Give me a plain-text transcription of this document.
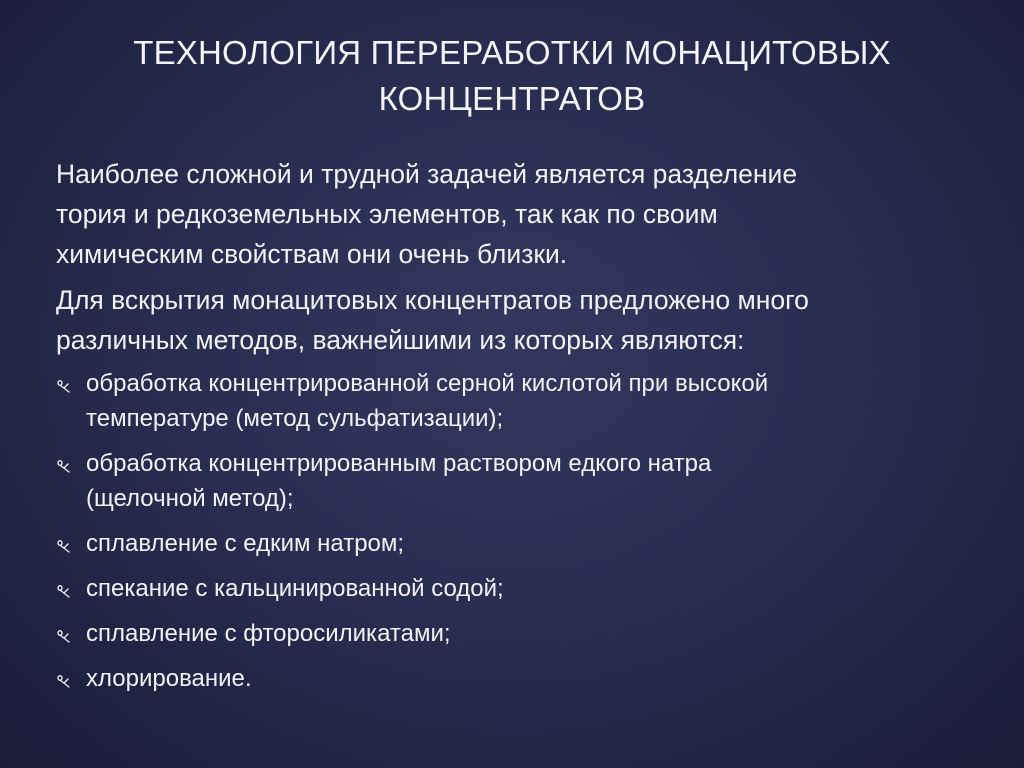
ТЕХНОЛОГИЯ ПЕРЕРАБОТКИ МОНАЦИТОВЫХ
КОНЦЕНТРАТОВ
Наиболее сложной и трудной задачей является разделение
тория и редкоземельных элементов, так как по своим
химическим свойствам они очень близки.
Для вскрытия монацитовых концентратов предложено много
различных методов, важнейшими из которых являются:
обработка концентрированной серной кислотой при высокой
температуре (метод сульфатизации);
обработка концентрированным раствором едкого натра
(щелочной метод);
сплавление с едким натром;
спекание с кальцинированной содой;
сплавление с фторосиликатами;
хлорирование.
